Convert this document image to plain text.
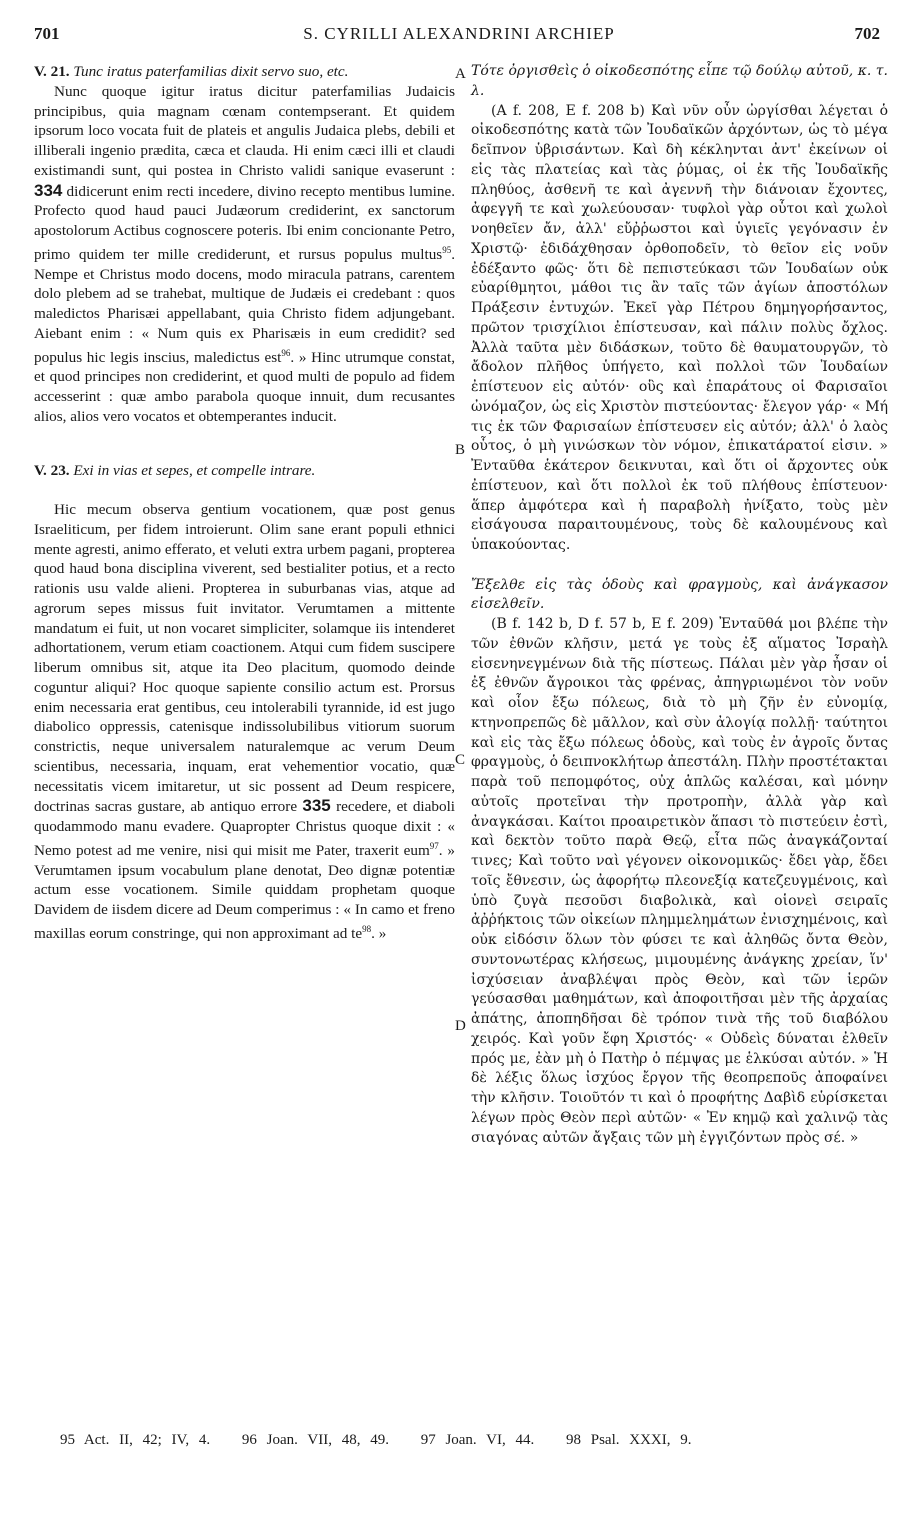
701	S. CYRILLI ALEXANDRINI ARCHIEP	702
A
B
C
D

V. 21. Tunc iratus paterfamilias dixit servo suo, etc.

Nunc quoque igitur iratus dicitur paterfamilias Judaicis principibus, quia magnam cœnam contempserant. Et quidem ipsorum loco vocata fuit de plateis et angulis Judaica plebs, debili et illiberali ingenio prædita, cæca et clauda. Hi enim cæci illi et claudi existimandi sunt, qui postea in Christo validi sanique evaserunt : 334 didicerunt enim recti incedere, divino recepto mentibus lumine. Profecto quod haud pauci Judæorum crediderint, ex sanctorum apostolorum Actibus cognoscere poteris. Ibi enim concionante Petro, primo quidem ter mille crediderunt, et rursus populus multus$^{95}$. Nempe et Christus modo docens, modo miracula patrans, carentem dolo plebem ad se trahebat, multique de Judæis ei credebant : quos maledictos Pharisæi appellabant, quia Christo fidem adjungebant. Aiebant enim : « Num quis ex Pharisæis in eum credidit? sed populus hic legis inscius, maledictus est$^{96}$. » Hinc utrumque constat, et quod principes non crediderint, et quod multi de populo ad fidem accesserint : quæ ambo parabola quoque innuit, dum recusantes alios, alios vero vocatos et obtemperantes inducit.

V. 23. Exi in vias et sepes, et compelle intrare.

Hic mecum observa gentium vocationem, quæ post genus Israeliticum, per fidem introierunt. Olim sane erant populi ethnici mente agresti, animo efferato, et veluti extra urbem pagani, propterea quod haud bona disciplina viverent, sed bestialiter potius, et a recto rationis usu valde alieni. Propterea in suburbanas vias, atque ad agrorum sepes missus fuit invitator. Verumtamen a mittente mandatum ei fuit, ut non vocaret simpliciter, solamque iis intenderet adhortationem, verum etiam coactionem. Atqui cum fidem suscipere liberum omnibus sit, atque ita Deo placitum, quomodo deinde coguntur aliqui? Hoc quoque sapiente consilio actum est. Prorsus enim necessaria erat gentibus, ceu intolerabili tyrannide, id est jugo diabolico oppressis, catenisque indissolubilibus vitiorum suorum constrictis, neque universalem naturalemque ac verum Deum scientibus, necessaria, inquam, erat vehementior vocatio, quæ necessitatis vicem imitaretur, ut sic possent ad Deum respicere, doctrinas sacras gustare, ab antiquo errore 335 recedere, et diaboli quodammodo manu evadere. Quapropter Christus quoque dixit : « Nemo potest ad me venire, nisi qui misit me Pater, traxerit eum$^{97}$. » Verumtamen ipsum vocabulum plane denotat, Deo dignæ potentiæ actum esse vocationem. Simile quiddam prophetam quoque Davidem de iisdem dicere ad Deum comperimus : « In camo et freno maxillas eorum constringe, qui non approximant ad $te^{98}$. »

Τότε ὀργισθεὶς ὁ οἰκοδεσπότης εἶπε τῷ δούλῳ αὐτοῦ, κ. τ. λ.

(A f. 208, E f. 208 b) Καὶ νῦν οὖν ὠργίσθαι λέγεται ὁ οἰκοδεσπότης κατὰ τῶν Ἰουδαϊκῶν ἀρχόντων, ὡς τὸ μέγα δεῖπνον ὑβρισάντων. Καὶ δὴ κέκληνται ἀντ' ἐκείνων οἱ εἰς τὰς πλατείας καὶ τὰς ῥύμας, οἱ ἐκ τῆς Ἰουδαϊκῆς πληθύος, ἀσθενῆ τε καὶ ἀγεννῆ τὴν διάνοιαν ἔχοντες, ἀφεγγῆ τε καὶ χωλεύουσαν· τυφλοὶ γὰρ οὗτοι καὶ χωλοὶ νοηθεῖεν ἄν, ἀλλ' εὔῤῥωστοι καὶ ὑγιεῖς γεγόνασιν ἐν Χριστῷ· ἐδιδάχθησαν ὀρθοποδεῖν, τὸ θεῖον εἰς νοῦν ἐδέξαντο φῶς· ὅτι δὲ πεπιστεύκασι τῶν Ἰουδαίων οὐκ εὐαρίθμητοι, μάθοι τις ἂν ταῖς τῶν ἁγίων ἀποστόλων Πράξεσιν ἐντυχών. Ἐκεῖ γὰρ Πέτρου δημηγορήσαντος, πρῶτον τρισχίλιοι ἐπίστευσαν, καὶ πάλιν πολὺς ὄχλος. Ἀλλὰ ταῦτα μὲν διδάσκων, τοῦτο δὲ θαυματουργῶν, τὸ ἄδολον πλῆθος ὑπήγετο, καὶ πολλοὶ τῶν Ἰουδαίων ἐπίστευον εἰς αὐτόν· οὓς καὶ ἐπαράτους οἱ Φαρισαῖοι ὠνόμαζον, ὡς εἰς Χριστὸν πιστεύοντας· ἔλεγον γάρ· « Μή τις ἐκ τῶν Φαρισαίων ἐπίστευσεν εἰς αὐτόν; ἀλλ' ὁ λαὸς οὗτος, ὁ μὴ γινώσκων τὸν νόμον, ἐπικατάρατοί εἰσιν. » Ἐνταῦθα ἑκάτερον δεικνυται, καὶ ὅτι οἱ ἄρχοντες οὐκ ἐπίστευον, καὶ ὅτι πολλοὶ ἐκ τοῦ πλήθους ἐπίστευον· ἅπερ ἀμφότερα καὶ ἡ παραβολὴ ἠνίξατο, τοὺς μὲν εἰσάγουσα παραιτουμένους, τοὺς δὲ καλουμένους καὶ ὑπακούοντας.

Ἔξελθε εἰς τὰς ὁδοὺς καὶ φραγμοὺς, καὶ ἀνάγκασον εἰσελθεῖν.

(B f. 142 b, D f. 57 b, E f. 209) Ἐνταῦθά μοι βλέπε τὴν τῶν ἐθνῶν κλῆσιν, μετά γε τοὺς ἐξ αἵματος Ἰσραὴλ εἰσενηνεγμένων διὰ τῆς πίστεως. Πάλαι μὲν γὰρ ἦσαν οἱ ἐξ ἐθνῶν ἄγροικοι τὰς φρένας, ἀπηγριωμένοι τὸν νοῦν καὶ οἷον ἔξω πόλεως, διὰ τὸ μὴ ζῆν ἐν εὐνομίᾳ, κτηνοπρεπῶς δὲ μᾶλλον, καὶ σὺν ἀλογίᾳ πολλῇ· ταύτητοι καὶ εἰς τὰς ἔξω πόλεως ὁδοὺς, καὶ τοὺς ἐν ἀγροῖς ὄντας φραγμοὺς, ὁ δειπνοκλήτωρ ἀπεστάλη. Πλὴν προστέτακται παρὰ τοῦ πεπομφότος, οὐχ ἁπλῶς καλέσαι, καὶ μόνην αὐτοῖς προτεῖναι τὴν προτροπὴν, ἀλλὰ γὰρ καὶ ἀναγκάσαι. Καίτοι προαιρετικὸν ἅπασι τὸ πιστεύειν ἐστὶ, καὶ δεκτὸν τοῦτο παρὰ Θεῷ, εἶτα πῶς ἀναγκάζονταί τινες; Καὶ τοῦτο ναὶ γέγονεν οἰκονομικῶς· ἔδει γὰρ, ἔδει τοῖς ἔθνεσιν, ὡς ἀφορήτῳ πλεονεξίᾳ κατεζευγμένοις, καὶ ὑπὸ ζυγὰ πεσοῦσι διαβολικὰ, καὶ οἱονεὶ σειραῖς ἀῤῥήκτοις τῶν οἰκείων πλημμελημάτων ἐνισχημένοις, καὶ οὐκ εἰδόσιν ὅλων τὸν φύσει τε καὶ ἀληθῶς ὄντα Θεὸν, συντονωτέρας κλήσεως, μιμουμένης ἀνάγκης χρείαν, ἵν' ἰσχύσειαν ἀναβλέψαι πρὸς Θεὸν, καὶ τῶν ἱερῶν γεύσασθαι μαθημάτων, καὶ ἀποφοιτῆσαι μὲν τῆς ἀρχαίας ἀπάτης, ἀποπηδῆσαι δὲ τρόπον τινὰ τῆς τοῦ διαβόλου χειρός. Καὶ γοῦν ἔφη Χριστός· « Οὐδεὶς δύναται ἐλθεῖν πρός με, ἐὰν μὴ ὁ Πατὴρ ὁ πέμψας με ἑλκύσαι αὐτόν. » Ἡ δὲ λέξις ὅλως ἰσχύος ἔργον τῆς θεοπρεποῦς ἀποφαίνει τὴν κλῆσιν. Τοιοῦτόν τι καὶ ὁ προφήτης Δαβὶδ εὑρίσκεται λέγων πρὸς Θεὸν περὶ αὐτῶν· « Ἐν κημῷ καὶ χαλινῷ τὰς σιαγόνας αὐτῶν ἄγξαις τῶν μὴ ἐγγιζόντων πρὸς σέ. »

95 Act. II, 42; IV, 4. 96 Joan. VII, 48, 49. 97 Joan. VI, 44. 98 Psal. XXXI, 9.
